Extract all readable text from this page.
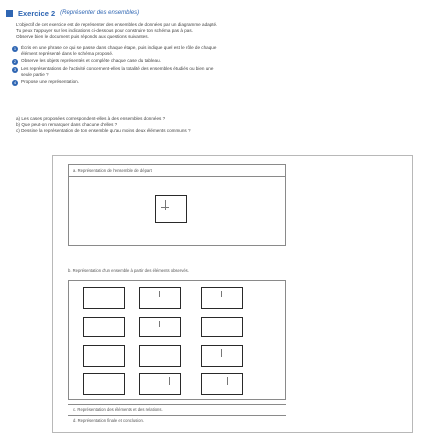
Exercice 2 (Représenter des ensembles)
L'objectif de cet exercice est de représenter des ensembles de données par un diagramme adapté.
Tu peux t'appuyer sur les indications ci-dessous pour construire ton schéma pas à pas.
Observe bien le document puis réponds aux questions suivantes.
1	Écris en une phrase ce qui se passe dans chaque étape, puis indique quel est le rôle de chaque
élément représenté dans le schéma proposé.
2	Observe les objets représentés et complète chaque case du tableau.
3	Les représentations de l'activité concernent-elles la totalité des ensembles étudiés ou bien une
seule partie ?
4	Propose une représentation.
a) Les cases proposées correspondent-elles à des ensembles données ?
b) Que peut-on remarquer dans chacune d'elles ?
c) Dessine la représentation de ton ensemble qu'au moins deux éléments communs ?
a. Représentation de l'ensemble de départ
b. Représentation d'un ensemble à partir des éléments observés.
c. Représentation des éléments et des relations.
d. Représentation finale et conclusion.
